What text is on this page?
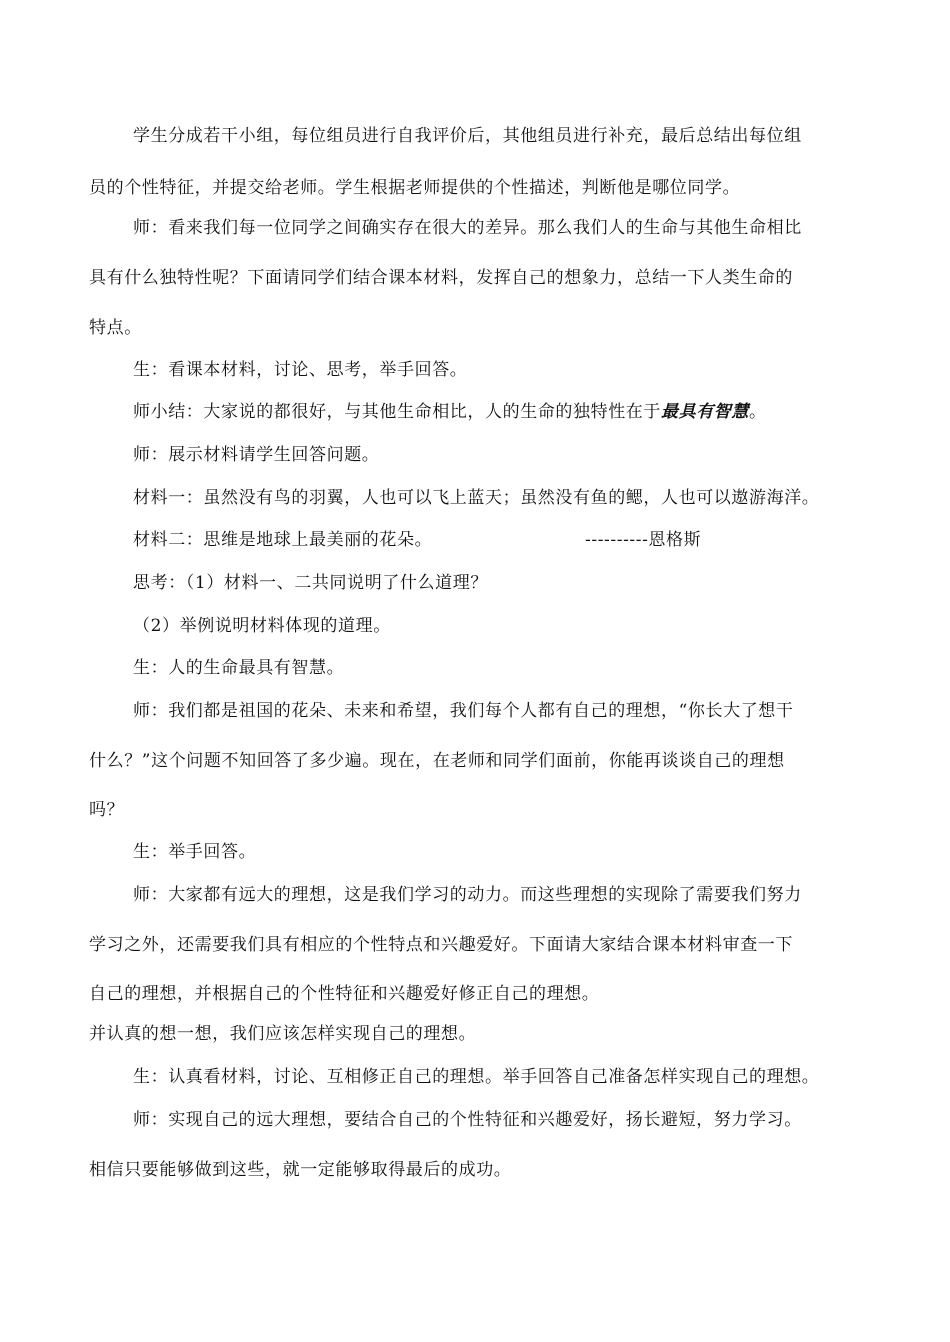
学生分成若干小组，每位组员进行自我评价后，其他组员进行补充，最后总结出每位组
员的个性特征，并提交给老师。学生根据老师提供的个性描述，判断他是哪位同学。
师：看来我们每一位同学之间确实存在很大的差异。那么我们人的生命与其他生命相比
具有什么独特性呢？下面请同学们结合课本材料，发挥自己的想象力，总结一下人类生命的
特点。
生：看课本材料，讨论、思考，举手回答。
师小结：大家说的都很好，与其他生命相比，人的生命的独特性在于最具有智慧。
师：展示材料请学生回答问题。
材料一：虽然没有鸟的羽翼，人也可以飞上蓝天；虽然没有鱼的鳃，人也可以遨游海洋。
材料二：思维是地球上最美丽的花朵。	----------恩格斯
思考：（1）材料一、二共同说明了什么道理？
（2）举例说明材料体现的道理。
生：人的生命最具有智慧。
师：我们都是祖国的花朵、未来和希望，我们每个人都有自己的理想，“你长大了想干
什么？”这个问题不知回答了多少遍。现在，在老师和同学们面前，你能再谈谈自己的理想
吗？
生：举手回答。
师：大家都有远大的理想，这是我们学习的动力。而这些理想的实现除了需要我们努力
学习之外，还需要我们具有相应的个性特点和兴趣爱好。下面请大家结合课本材料审查一下
自己的理想，并根据自己的个性特征和兴趣爱好修正自己的理想。
并认真的想一想，我们应该怎样实现自己的理想。
生：认真看材料，讨论、互相修正自己的理想。举手回答自己准备怎样实现自己的理想。
师：实现自己的远大理想，要结合自己的个性特征和兴趣爱好，扬长避短，努力学习。
相信只要能够做到这些，就一定能够取得最后的成功。
